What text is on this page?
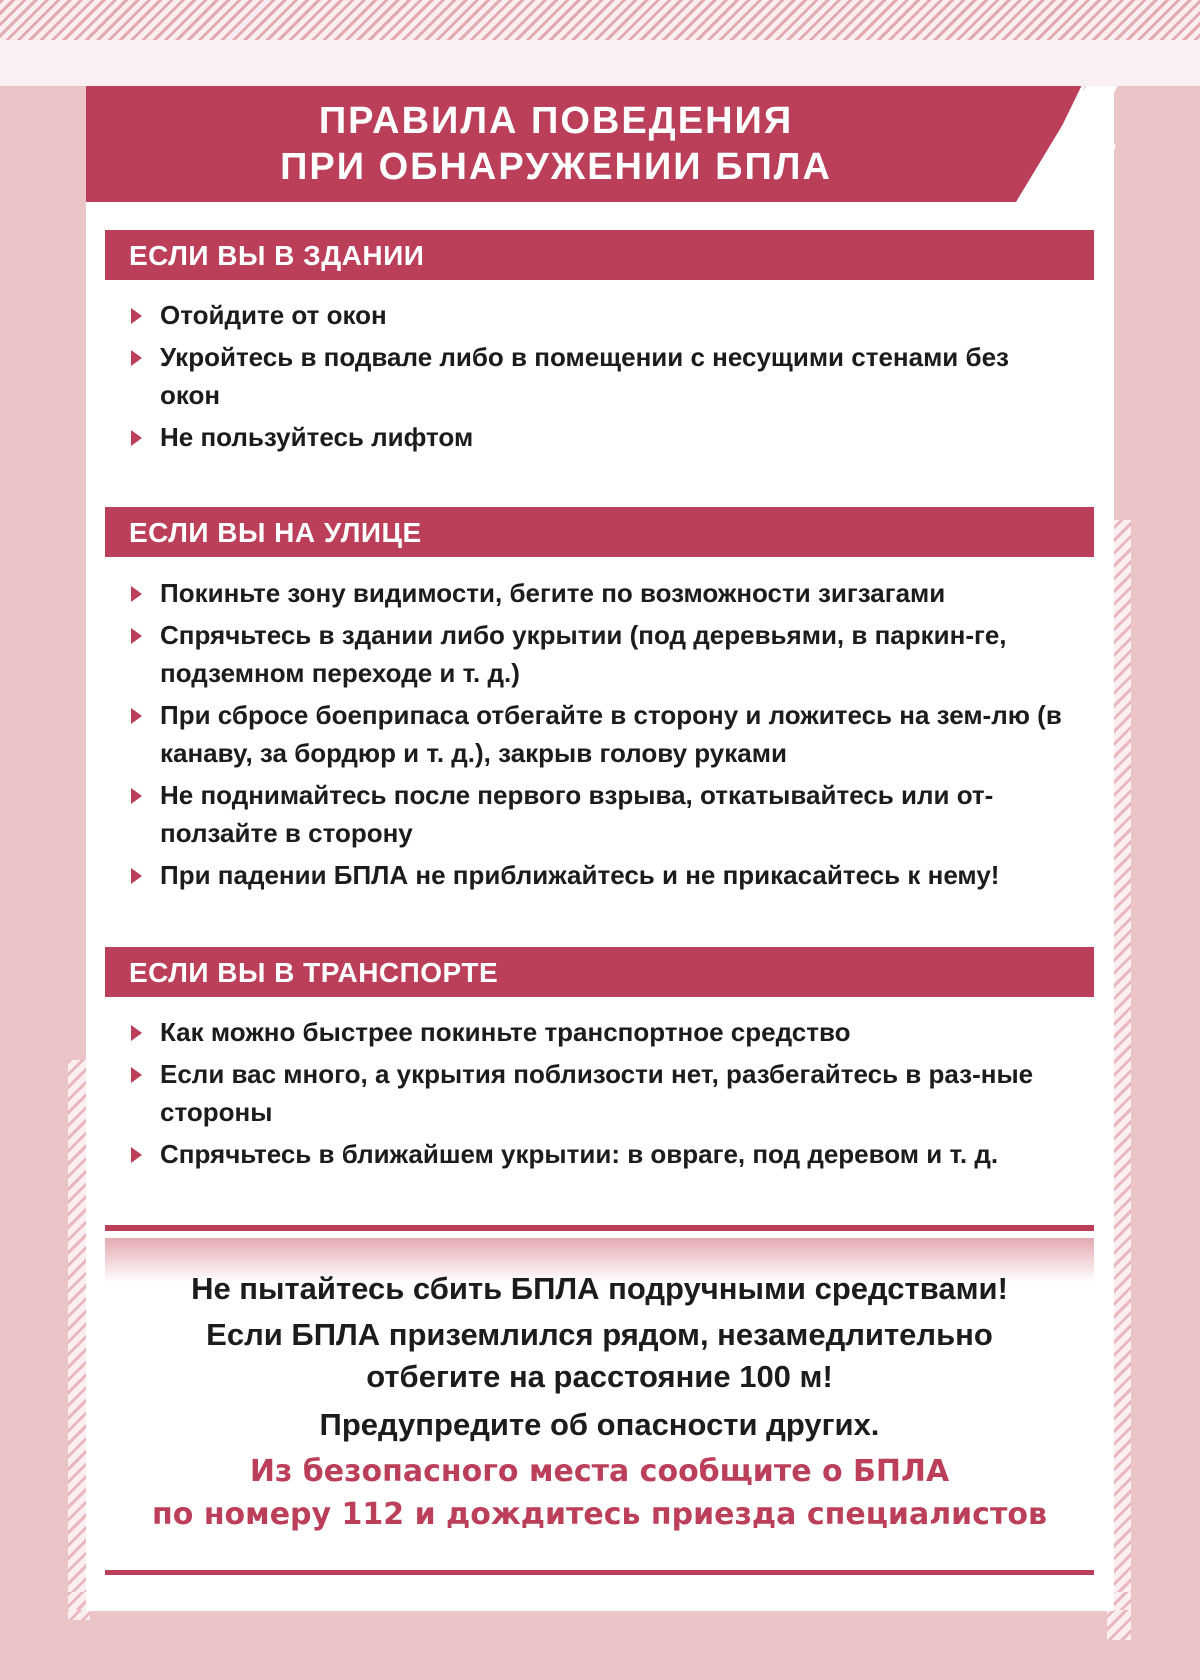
ПРАВИЛА ПОВЕДЕНИЯ
ПРИ ОБНАРУЖЕНИИ БПЛА
4
ЕСЛИ ВЫ В ЗДАНИИ
Отойдите от окон
Укройтесь в подвале либо в помещении с несущими стенами без окон
Не пользуйтесь лифтом
ЕСЛИ ВЫ НА УЛИЦЕ
Покиньте зону видимости, бегите по возможности зигзагами
Спрячьтесь в здании либо укрытии (под деревьями, в паркин-ге, подземном переходе и т. д.)
При сбросе боеприпаса отбегайте в сторону и ложитесь на зем-лю (в канаву, за бордюр и т. д.), закрыв голову руками
Не поднимайтесь после первого взрыва, откатывайтесь или от-ползайте в сторону
При падении БПЛА не приближайтесь и не прикасайтесь к нему!
ЕСЛИ ВЫ В ТРАНСПОРТЕ
Как можно быстрее покиньте транспортное средство
Если вас много, а укрытия поблизости нет, разбегайтесь в раз-ные стороны
Спрячьтесь в ближайшем укрытии: в овраге, под деревом и т. д.
Не пытайтесь сбить БПЛА подручными средствами!
Если БПЛА приземлился рядом, незамедлительно
отбегите на расстояние 100 м!
Предупредите об опасности других.
Из безопасного места сообщите о БПЛА
по номеру 112 и дождитесь приезда специалистов
